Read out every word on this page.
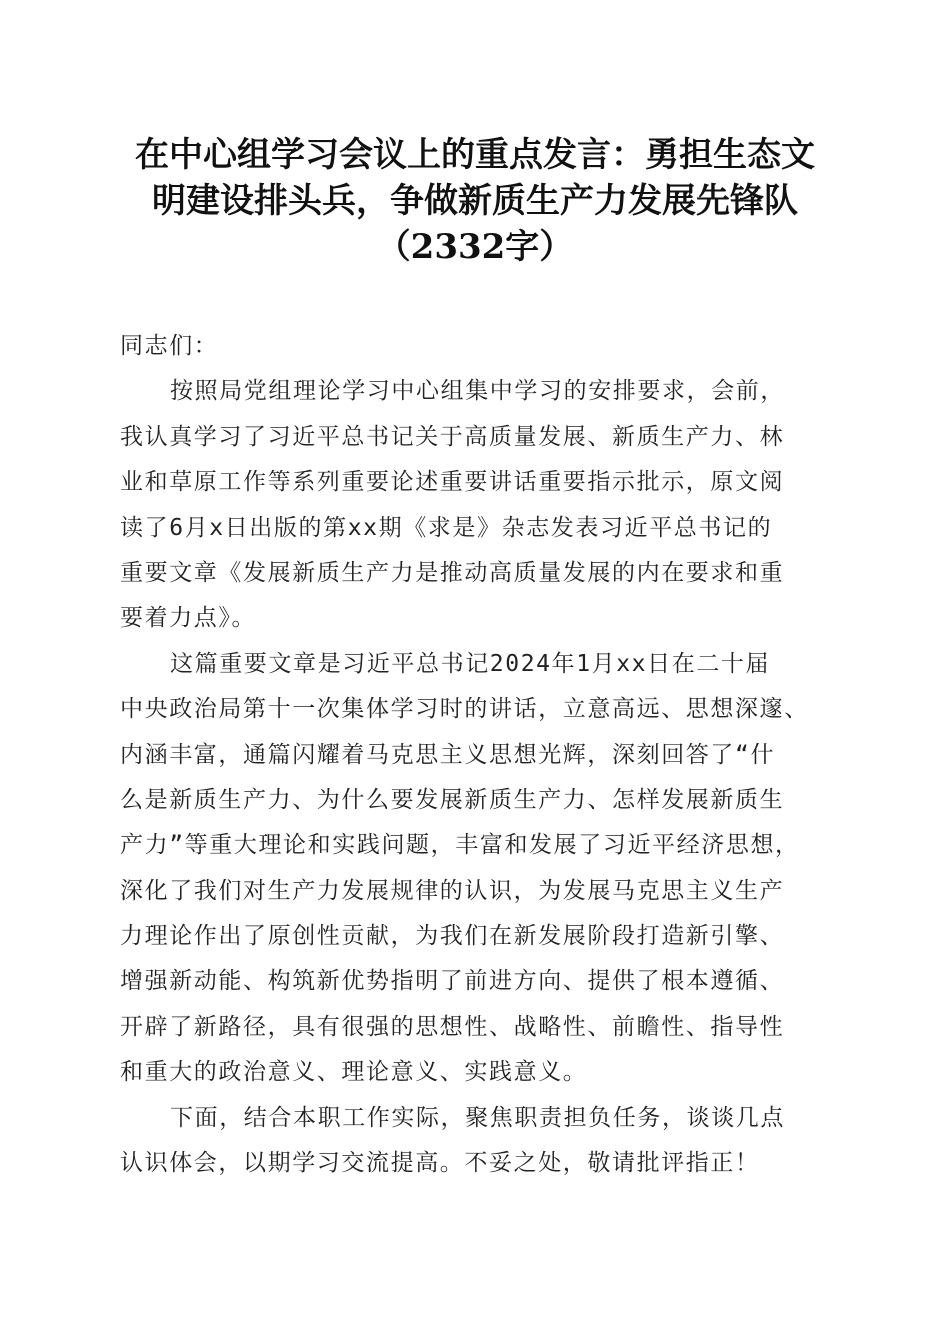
在中心组学习会议上的重点发言：勇担生态文
明建设排头兵，争做新质生产力发展先锋队
（2332字）
同志们：
按照局党组理论学习中心组集中学习的安排要求，会前，
我认真学习了习近平总书记关于高质量发展、新质生产力、林
业和草原工作等系列重要论述重要讲话重要指示批示，原文阅
读了6月x日出版的第xx期《求是》杂志发表习近平总书记的
重要文章《发展新质生产力是推动高质量发展的内在要求和重
要着力点》。
这篇重要文章是习近平总书记2024年1月xx日在二十届
中央政治局第十一次集体学习时的讲话，立意高远、思想深邃、
内涵丰富，通篇闪耀着马克思主义思想光辉，深刻回答了“什
么是新质生产力、为什么要发展新质生产力、怎样发展新质生
产力”等重大理论和实践问题，丰富和发展了习近平经济思想，
深化了我们对生产力发展规律的认识，为发展马克思主义生产
力理论作出了原创性贡献，为我们在新发展阶段打造新引擎、
增强新动能、构筑新优势指明了前进方向、提供了根本遵循、
开辟了新路径，具有很强的思想性、战略性、前瞻性、指导性
和重大的政治意义、理论意义、实践意义。
下面，结合本职工作实际，聚焦职责担负任务，谈谈几点
认识体会，以期学习交流提高。不妥之处，敬请批评指正！
